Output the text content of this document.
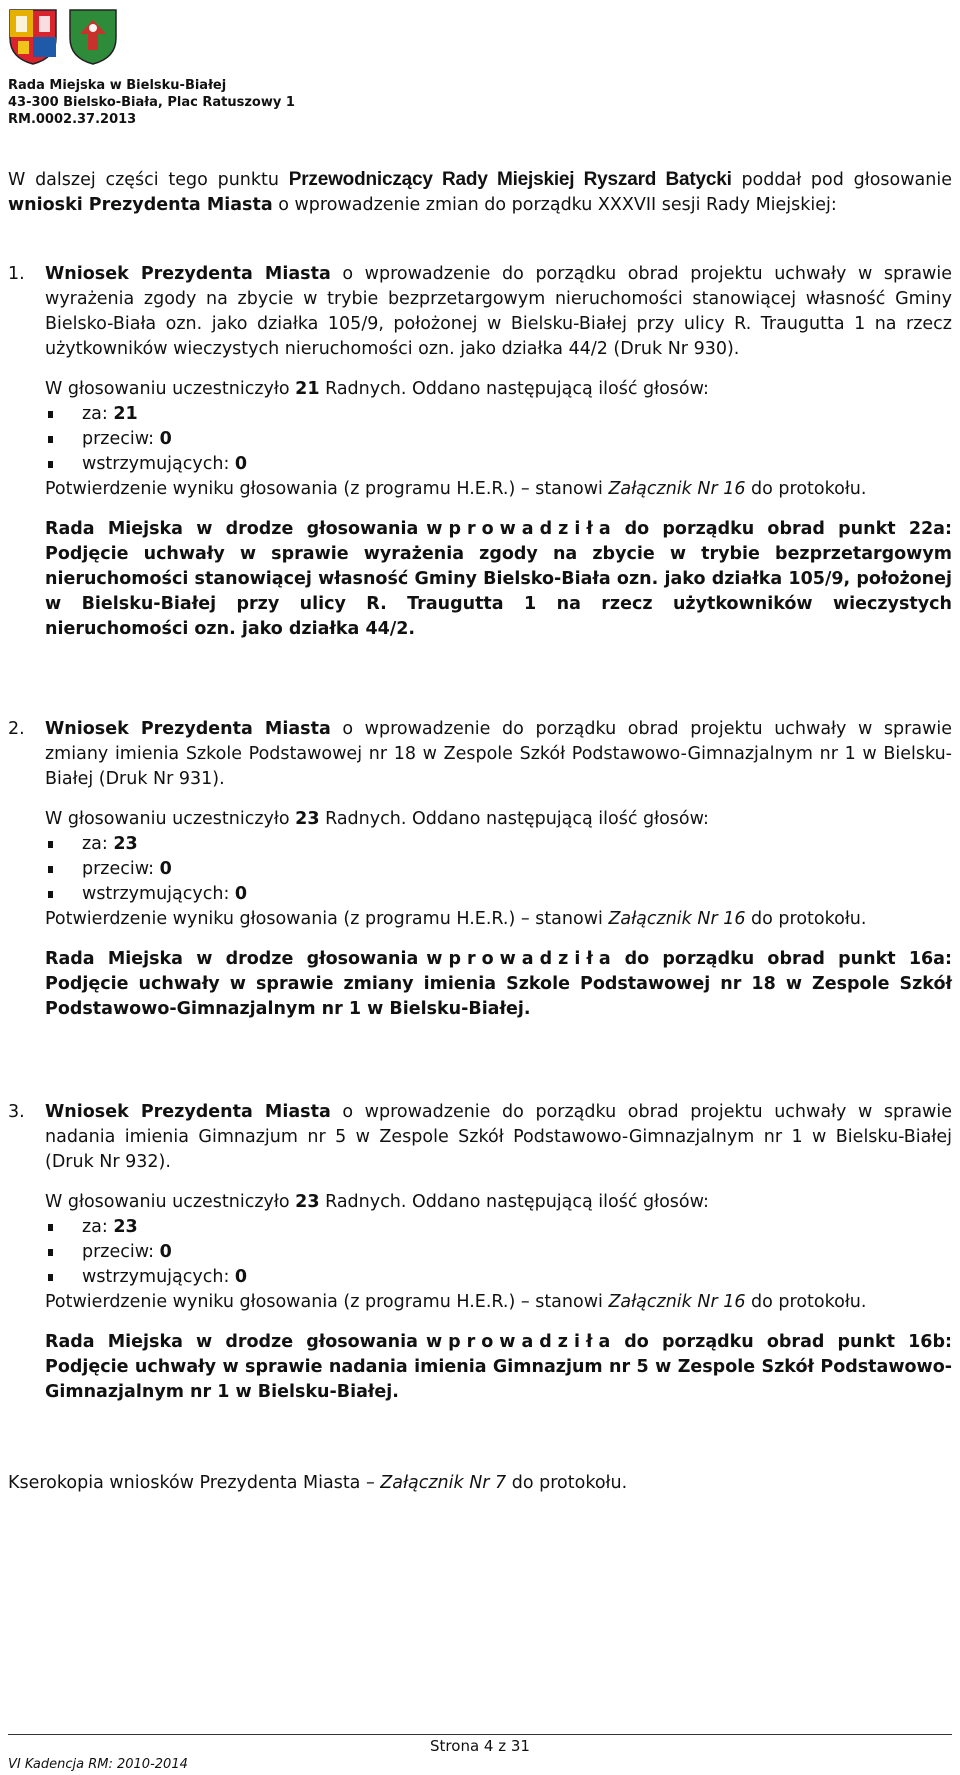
Rada Miejska w Bielsku-Białej
43-300 Bielsko-Biała, Plac Ratuszowy 1
RM.0002.37.2013
W dalszej części tego punktu Przewodniczący Rady Miejskiej Ryszard Batycki poddał pod głosowanie wnioski Prezydenta Miasta o wprowadzenie zmian do porządku XXXVII sesji Rady Miejskiej:
1. Wniosek Prezydenta Miasta o wprowadzenie do porządku obrad projektu uchwały w sprawie wyrażenia zgody na zbycie w trybie bezprzetargowym nieruchomości stanowiącej własność Gminy Bielsko-Biała ozn. jako działka 105/9, położonej w Bielsku-Białej przy ulicy R. Traugutta 1 na rzecz użytkowników wieczystych nieruchomości ozn. jako działka 44/2 (Druk Nr 930).
W głosowaniu uczestniczyło 21 Radnych. Oddano następującą ilość głosów:
za: 21
przeciw: 0
wstrzymujących: 0
Potwierdzenie wyniku głosowania (z programu H.E.R.) – stanowi Załącznik Nr 16 do protokołu.
Rada Miejska w drodze głosowania wprowadziła do porządku obrad punkt 22a: Podjęcie uchwały w sprawie wyrażenia zgody na zbycie w trybie bezprzetargowym nieruchomości stanowiącej własność Gminy Bielsko-Biała ozn. jako działka 105/9, położonej w Bielsku-Białej przy ulicy R. Traugutta 1 na rzecz użytkowników wieczystych nieruchomości ozn. jako działka 44/2.
2. Wniosek Prezydenta Miasta o wprowadzenie do porządku obrad projektu uchwały w sprawie zmiany imienia Szkole Podstawowej nr 18 w Zespole Szkół Podstawowo-Gimnazjalnym nr 1 w Bielsku-Białej (Druk Nr 931).
W głosowaniu uczestniczyło 23 Radnych. Oddano następującą ilość głosów:
za: 23
przeciw: 0
wstrzymujących: 0
Potwierdzenie wyniku głosowania (z programu H.E.R.) – stanowi Załącznik Nr 16 do protokołu.
Rada Miejska w drodze głosowania wprowadziła do porządku obrad punkt 16a: Podjęcie uchwały w sprawie zmiany imienia Szkole Podstawowej nr 18 w Zespole Szkół Podstawowo-Gimnazjalnym nr 1 w Bielsku-Białej.
3. Wniosek Prezydenta Miasta o wprowadzenie do porządku obrad projektu uchwały w sprawie nadania imienia Gimnazjum nr 5 w Zespole Szkół Podstawowo-Gimnazjalnym nr 1 w Bielsku-Białej (Druk Nr 932).
W głosowaniu uczestniczyło 23 Radnych. Oddano następującą ilość głosów:
za: 23
przeciw: 0
wstrzymujących: 0
Potwierdzenie wyniku głosowania (z programu H.E.R.) – stanowi Załącznik Nr 16 do protokołu.
Rada Miejska w drodze głosowania wprowadziła do porządku obrad punkt 16b: Podjęcie uchwały w sprawie nadania imienia Gimnazjum nr 5 w Zespole Szkół Podstawowo-Gimnazjalnym nr 1 w Bielsku-Białej.
Kserokopia wniosków Prezydenta Miasta – Załącznik Nr 7 do protokołu.
Strona 4 z 31
VI Kadencja RM: 2010-2014
